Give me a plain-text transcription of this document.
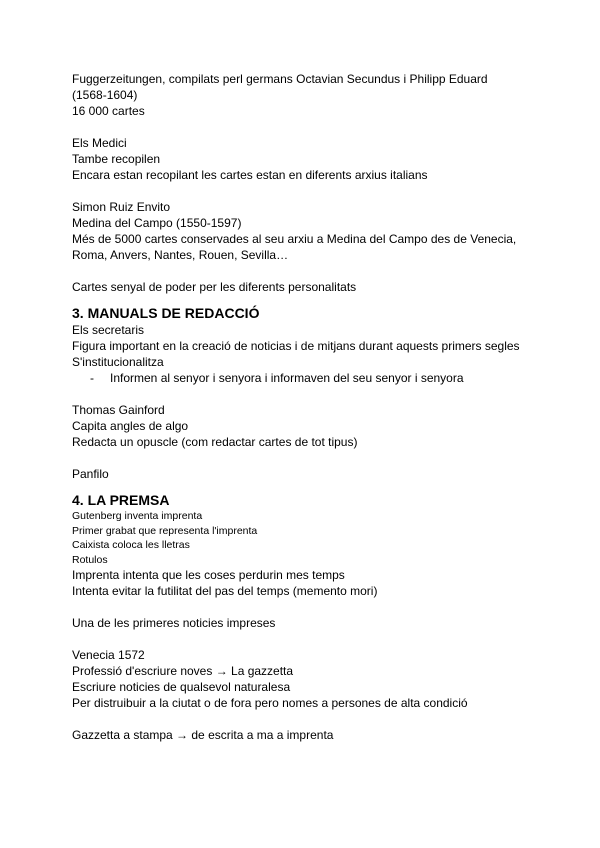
Fuggerzeitungen, compilats perl germans Octavian Secundus i Philipp Eduard
(1568-1604)
16 000 cartes
Els Medici
Tambe recopilen
Encara estan recopilant les cartes estan en diferents arxius italians
Simon Ruiz Envito
Medina del Campo (1550-1597)
Més de 5000 cartes conservades al seu arxiu a Medina del Campo des de Venecia,
Roma, Anvers, Nantes, Rouen, Sevilla…
Cartes senyal de poder per les diferents personalitats
3. MANUALS DE REDACCIÓ
Els secretaris
Figura important en la creació de noticias i de mitjans durant aquests primers segles
S'institucionalitza
-	Informen al senyor i senyora i informaven del seu senyor i senyora
Thomas Gainford
Capita angles de algo
Redacta un opuscle (com redactar cartes de tot tipus)
Panfilo
4. LA PREMSA
Gutenberg inventa imprenta
Primer grabat que representa l'imprenta
Caixista coloca les lletras
Rotulos
Imprenta intenta que les coses perdurin mes temps
Intenta evitar la futilitat del pas del temps (memento mori)
Una de les primeres noticies impreses
Venecia 1572
Professió d'escriure noves → La gazzetta
Escriure noticies de qualsevol naturalesa
Per distruibuir a la ciutat o de fora pero nomes a persones de alta condició
Gazzetta a stampa → de escrita a ma a imprenta
